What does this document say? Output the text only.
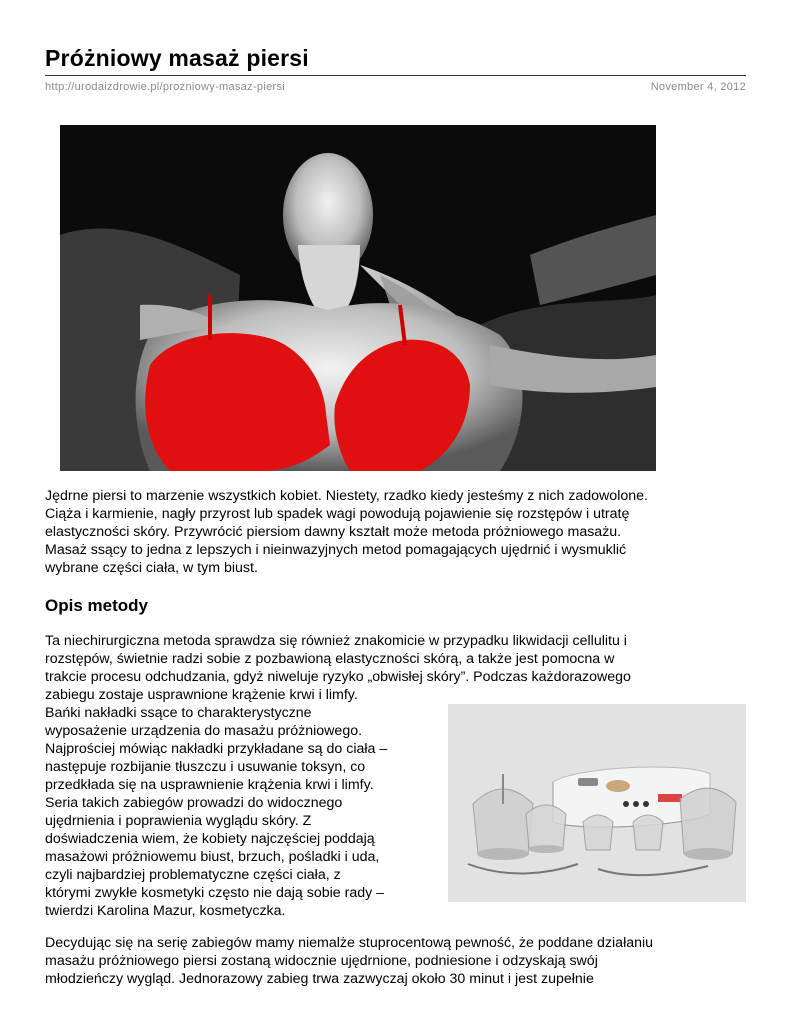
Próżniowy masaż piersi
http://urodaizdrowie.pl/prozniowy-masaz-piersi	November 4, 2012
Jędrne piersi to marzenie wszystkich kobiet. Niestety, rzadko kiedy jesteśmy z nich zadowolone.
Ciąża i karmienie, nagły przyrost lub spadek wagi powodują pojawienie się rozstępów i utratę
elastyczności skóry. Przywrócić piersiom dawny kształt może metoda próżniowego masażu.
Masaż ssący to jedna z lepszych i nieinwazyjnych metod pomagających ujędrnić i wysmuklić
wybrane części ciała, w tym biust.
Opis metody
Ta niechirurgiczna metoda sprawdza się również znakomicie w przypadku likwidacji cellulitu i
rozstępów, świetnie radzi sobie z pozbawioną elastyczności skórą, a także jest pomocna w
trakcie procesu odchudzania, gdyż niweluje ryzyko „obwisłej skóry”. Podczas każdorazowego
zabiegu zostaje usprawnione krążenie krwi i limfy.
Bańki nakładki ssące to charakterystyczne
wyposażenie urządzenia do masażu próżniowego.
Najprościej mówiąc nakładki przykładane są do ciała –
następuje rozbijanie tłuszczu i usuwanie toksyn, co
przedkłada się na usprawnienie krążenia krwi i limfy.
Seria takich zabiegów prowadzi do widocznego
ujędrnienia i poprawienia wyglądu skóry. Z
doświadczenia wiem, że kobiety najczęściej poddają
masażowi próżniowemu biust, brzuch, pośladki i uda,
czyli najbardziej problematyczne części ciała, z
którymi zwykłe kosmetyki często nie dają sobie rady –
twierdzi Karolina Mazur, kosmetyczka.
Decydując się na serię zabiegów mamy niemalże stuprocentową pewność, że poddane działaniu
masażu próżniowego piersi zostaną widocznie ujędrnione, podniesione i odzyskają swój
młodzieńczy wygląd. Jednorazowy zabieg trwa zazwyczaj około 30 minut i jest zupełnie
